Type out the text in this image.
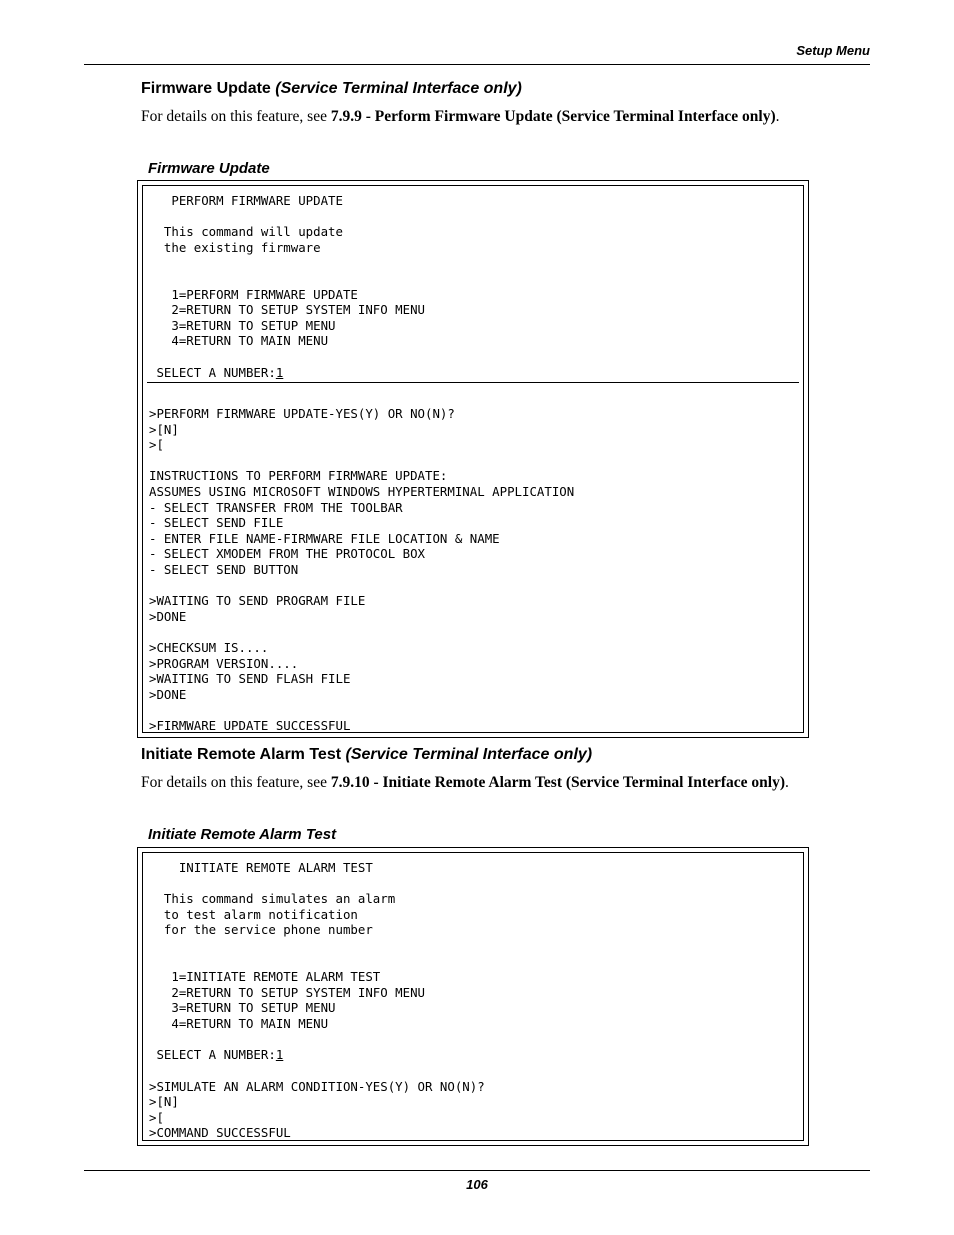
Setup Menu
Firmware Update (Service Terminal Interface only)
For details on this feature, see 7.9.9 - Perform Firmware Update (Service Terminal Interface only).
Firmware Update
PERFORM FIRMWARE UPDATE

This command will update
the existing firmware

1=PERFORM FIRMWARE UPDATE
2=RETURN TO SETUP SYSTEM INFO MENU
3=RETURN TO SETUP MENU
4=RETURN TO MAIN MENU

SELECT A NUMBER:1
>PERFORM FIRMWARE UPDATE-YES(Y) OR NO(N)?
>[N]
>[

INSTRUCTIONS TO PERFORM FIRMWARE UPDATE:
ASSUMES USING MICROSOFT WINDOWS HYPERTERMINAL APPLICATION
- SELECT TRANSFER FROM THE TOOLBAR
- SELECT SEND FILE
- ENTER FILE NAME-FIRMWARE FILE LOCATION & NAME
- SELECT XMODEM FROM THE PROTOCOL BOX
- SELECT SEND BUTTON

>WAITING TO SEND PROGRAM FILE
>DONE

>CHECKSUM IS....
>PROGRAM VERSION....
>WAITING TO SEND FLASH FILE
>DONE

>FIRMWARE UPDATE SUCCESSFUL
Initiate Remote Alarm Test (Service Terminal Interface only)
For details on this feature, see 7.9.10 - Initiate Remote Alarm Test (Service Terminal Interface only).
Initiate Remote Alarm Test
INITIATE REMOTE ALARM TEST

This command simulates an alarm
to test alarm notification
for the service phone number

1=INITIATE REMOTE ALARM TEST
2=RETURN TO SETUP SYSTEM INFO MENU
3=RETURN TO SETUP MENU
4=RETURN TO MAIN MENU

SELECT A NUMBER:1

>SIMULATE AN ALARM CONDITION-YES(Y) OR NO(N)?
>[N]
>[
>COMMAND SUCCESSFUL
106
